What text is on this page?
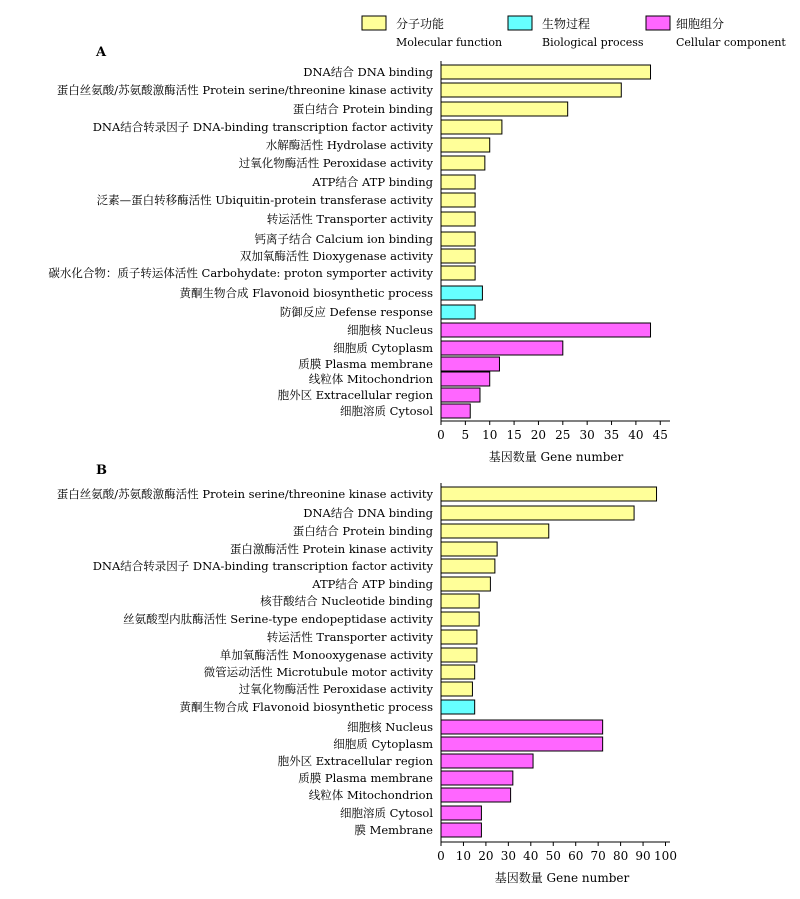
分子功能
Molecular function
生物过程
Biological process
细胞组分
Cellular component
A
DNA结合 DNA binding
蛋白丝氨酸/苏氨酸激酶活性 Protein serine/threonine kinase activity
蛋白结合 Protein binding
DNA结合转录因子 DNA-binding transcription factor activity
水解酶活性 Hydrolase activity
过氧化物酶活性 Peroxidase activity
ATP结合 ATP binding
泛素—蛋白转移酶活性 Ubiquitin-protein transferase activity
转运活性 Transporter activity
钙离子结合 Calcium ion binding
双加氧酶活性 Dioxygenase activity
碳水化合物：质子转运体活性 Carbohydate: proton symporter activity
黄酮生物合成 Flavonoid biosynthetic process
防御反应 Defense response
细胞核 Nucleus
细胞质 Cytoplasm
质膜 Plasma membrane
线粒体 Mitochondrion
胞外区 Extracellular region
细胞溶质 Cytosol
0 5 10 15 20 25 30 35 40 45
基因数量 Gene number
B
蛋白丝氨酸/苏氨酸激酶活性 Protein serine/threonine kinase activity
DNA结合 DNA binding
蛋白结合 Protein binding
蛋白激酶活性 Protein kinase activity
DNA结合转录因子 DNA-binding transcription factor activity
ATP结合 ATP binding
核苷酸结合 Nucleotide binding
丝氨酸型内肽酶活性 Serine-type endopeptidase activity
转运活性 Transporter activity
单加氧酶活性 Monooxygenase activity
微管运动活性 Microtubule motor activity
过氧化物酶活性 Peroxidase activity
黄酮生物合成 Flavonoid biosynthetic process
细胞核 Nucleus
细胞质 Cytoplasm
胞外区 Extracellular region
质膜 Plasma membrane
线粒体 Mitochondrion
细胞溶质 Cytosol
膜 Membrane
0 10 20 30 40 50 60 70 80 90 100
基因数量 Gene number
